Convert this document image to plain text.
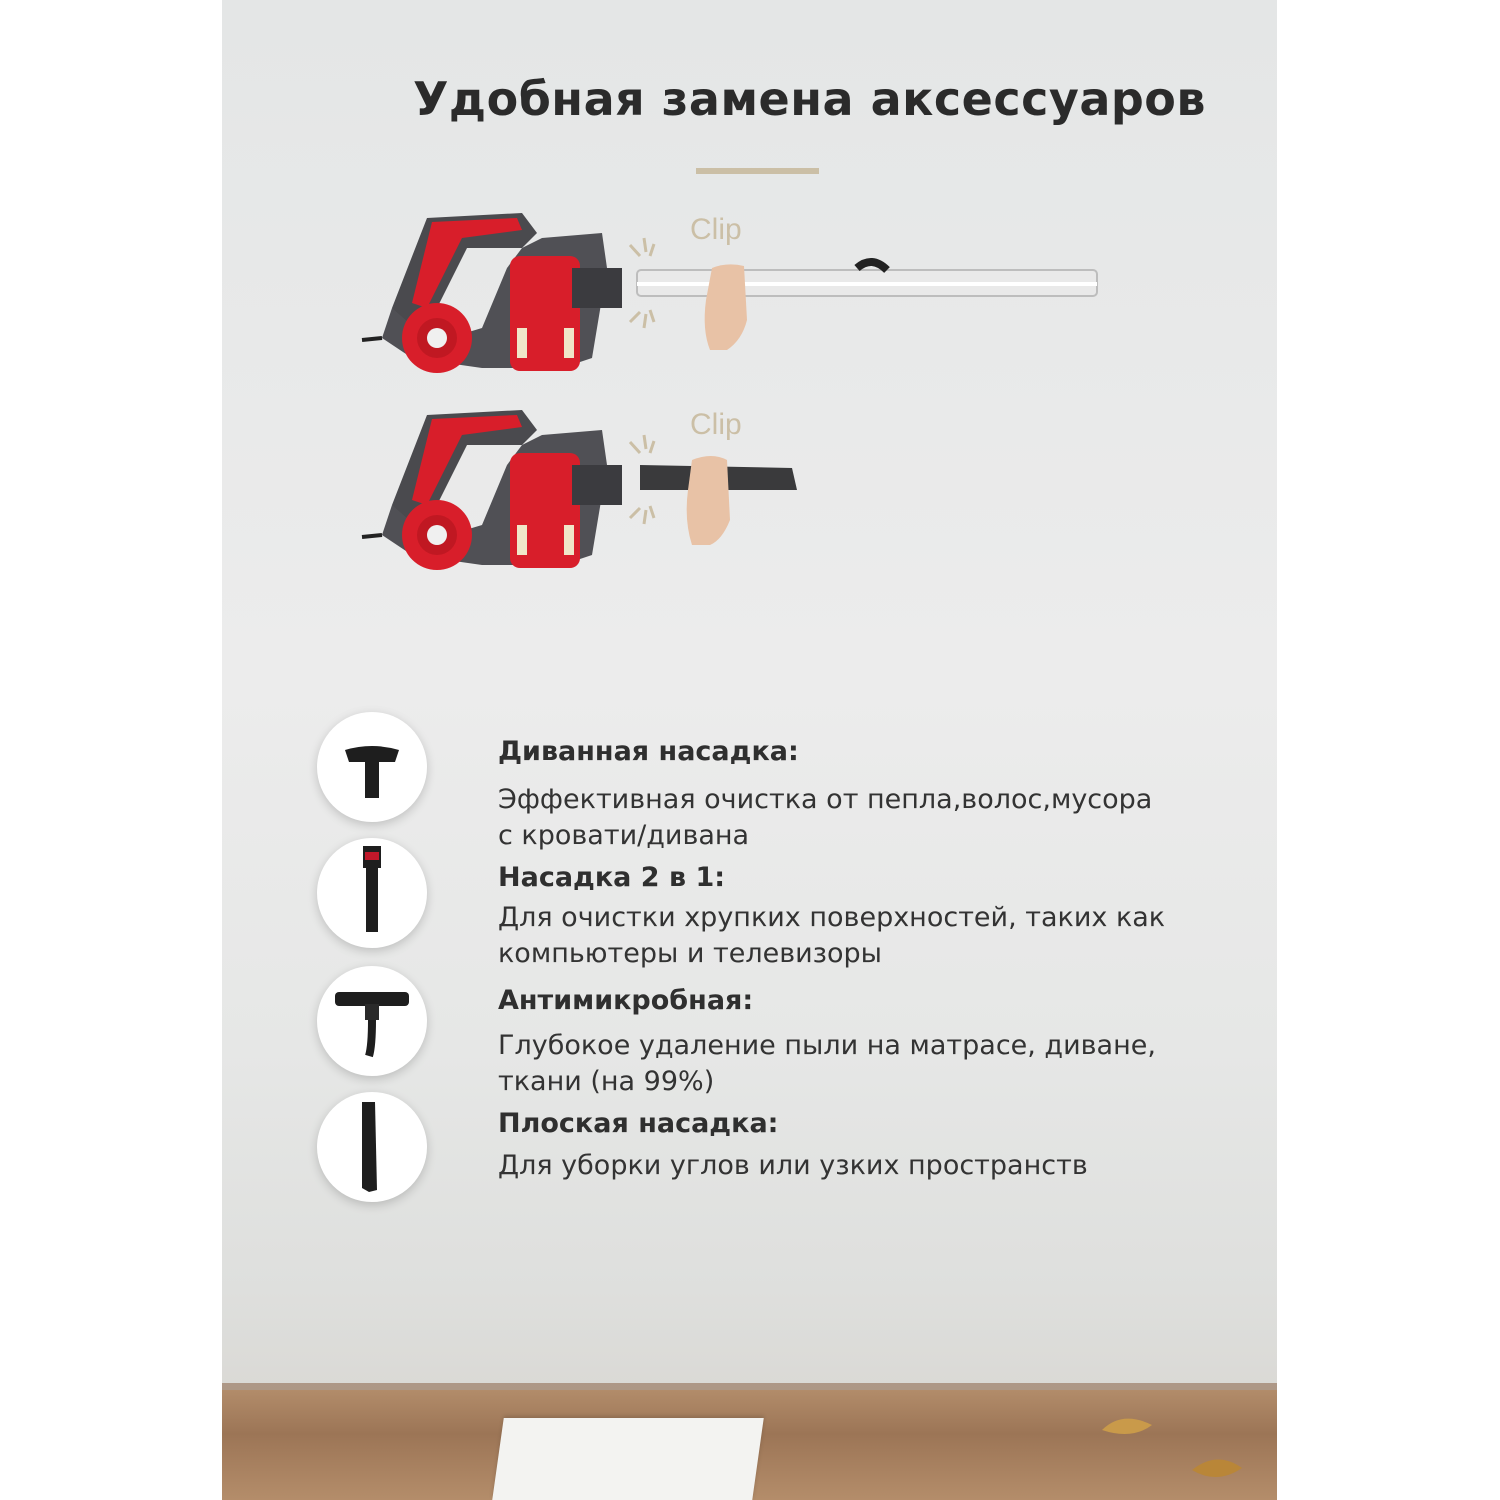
Удобная замена аксессуаров
Clip
Clip
Диванная насадка:
Эффективная очистка от пепла,волос,мусора
с кровати/дивана
Насадка 2 в 1:
Для очистки хрупких поверхностей, таких как
компьютеры и телевизоры
Антимикробная:
Глубокое удаление пыли на матрасе, диване,
ткани (на 99%)
Плоская насадка:
Для уборки углов или узких пространств
